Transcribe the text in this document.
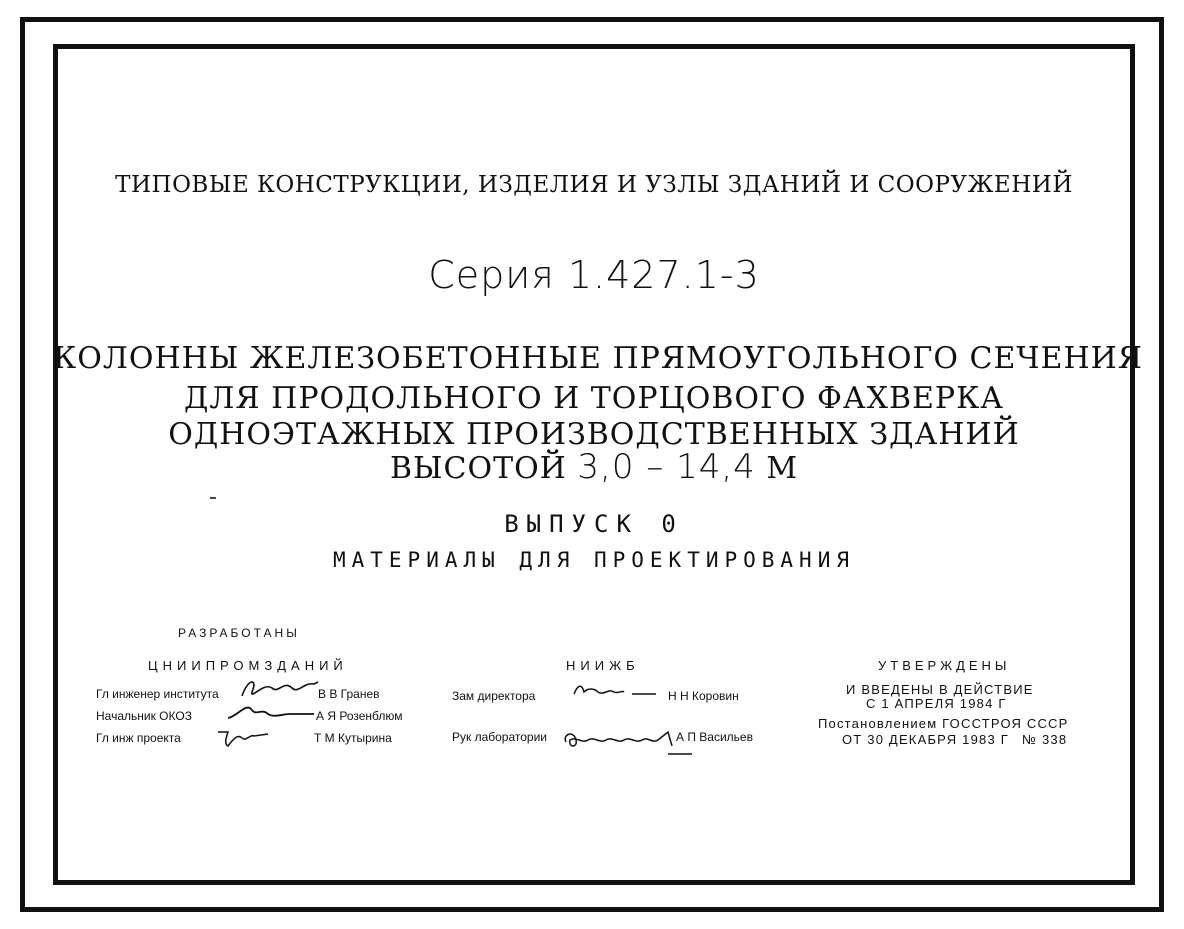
ТИПОВЫЕ КОНСТРУКЦИИ, ИЗДЕЛИЯ И УЗЛЫ ЗДАНИЙ И СООРУЖЕНИЙ
Серия 1.427.1-3
КОЛОННЫ ЖЕЛЕЗОБЕТОННЫЕ ПРЯМОУГОЛЬНОГО СЕЧЕНИЯ
ДЛЯ ПРОДОЛЬНОГО И ТОРЦОВОГО ФАХВЕРКА
ОДНОЭТАЖНЫХ ПРОИЗВОДСТВЕННЫХ ЗДАНИЙ
ВЫСОТОЙ 3,0 – 14,4 М
ВЫПУСК 0
МАТЕРИАЛЫ ДЛЯ ПРОЕКТИРОВАНИЯ
РАЗРАБОТАНЫ
ЦНИИПРОМЗДАНИЙ
Гл инженер института	В В Гранев
Начальник ОКОЗ	А Я Розенблюм
Гл инж проекта	Т М Кутырина
НИИЖБ
Зам директора	Н Н Коровин
Рук лаборатории	А П Васильев
УТВЕРЖДЕНЫ
И ВВЕДЕНЫ В ДЕЙСТВИЕ
С 1 АПРЕЛЯ 1984 Г
Постановлением ГОССТРОЯ СССР
ОТ 30 ДЕКАБРЯ 1983 Г № 338
